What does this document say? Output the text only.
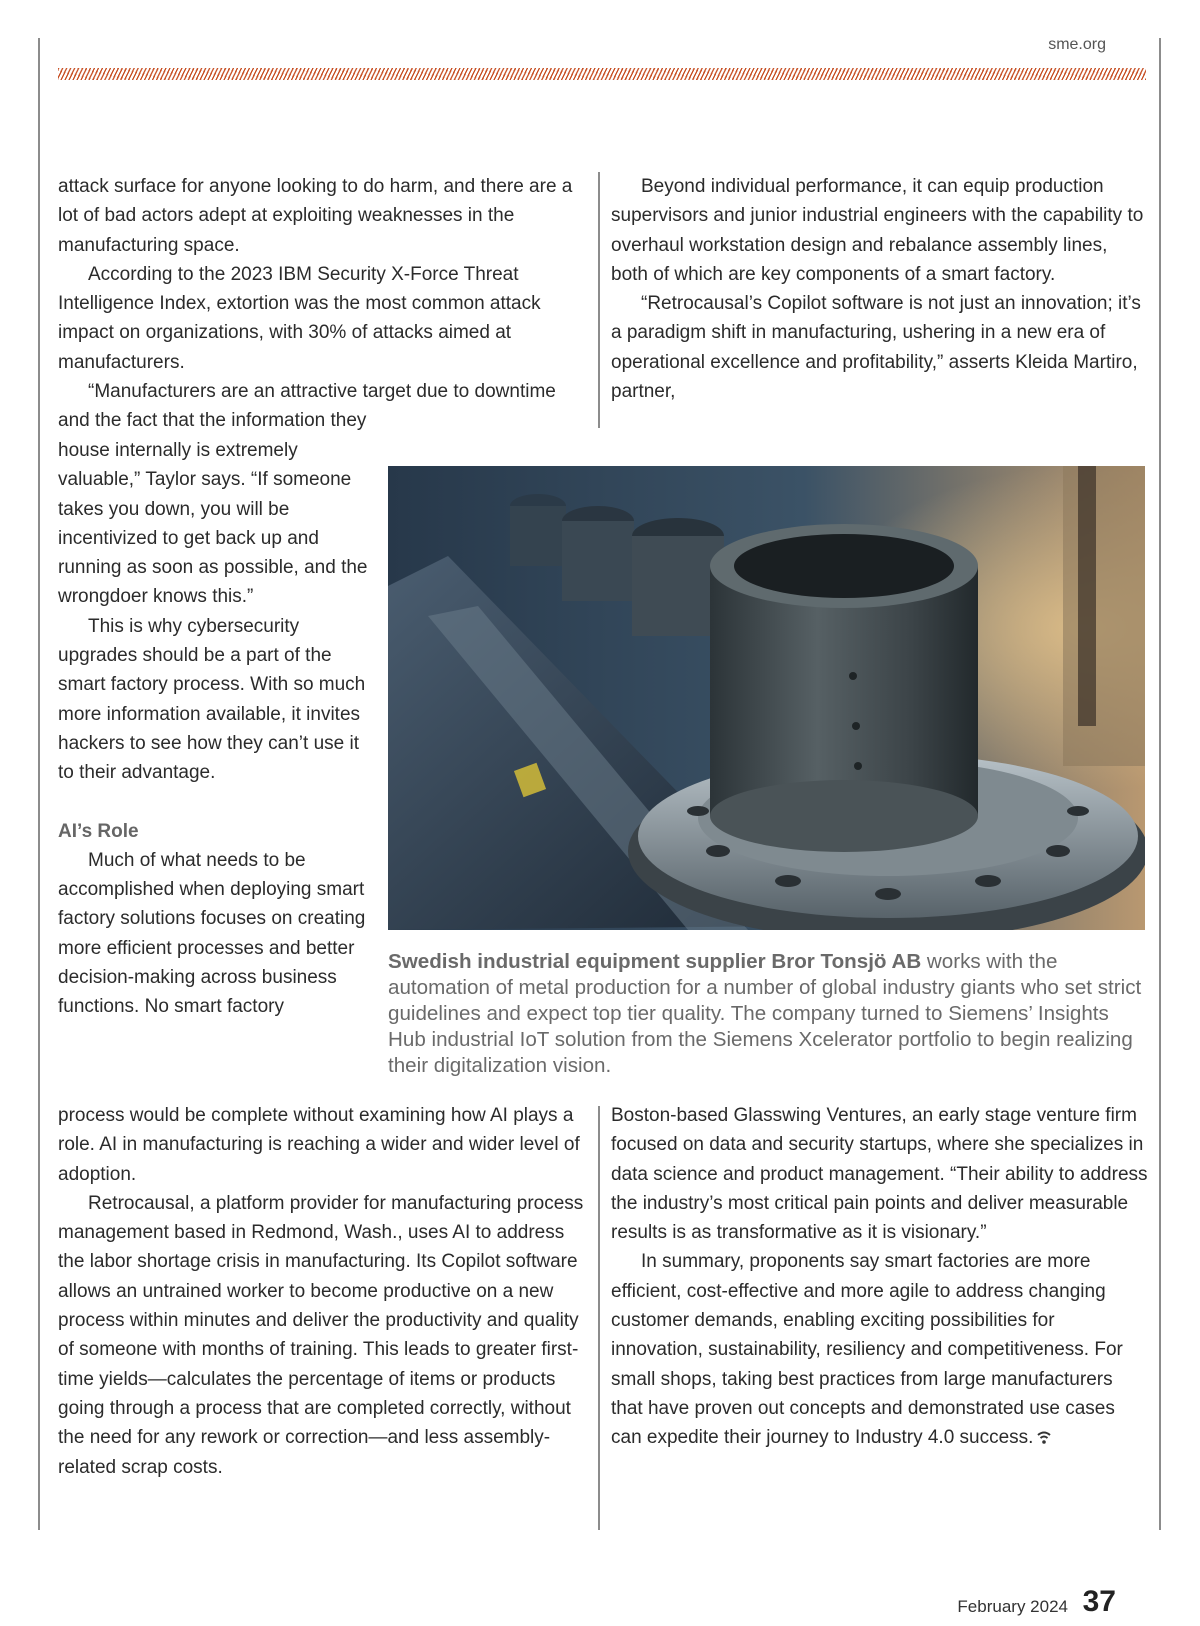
sme.org

attack surface for anyone looking to do harm, and there are a lot of bad actors adept at exploiting weaknesses in the manufacturing space.

According to the 2023 IBM Security X-Force Threat Intelligence Index, extortion was the most common attack impact on organizations, with 30% of attacks aimed at manufacturers.

“Manufacturers are an attractive target due to downtime and the fact that the information they

house internally is extremely valuable,” Taylor says. “If someone takes you down, you will be incentivized to get back up and running as soon as possible, and the wrongdoer knows this.”

This is why cybersecurity upgrades should be a part of the smart factory process. With so much more information available, it invites hackers to see how they can’t use it to their advantage.

AI’s Role

Much of what needs to be accomplished when deploying smart factory solutions focuses on creating more efficient processes and better decision-making across business functions. No smart factory

process would be complete without examining how AI plays a role. AI in manufacturing is reaching a wider and wider level of adoption.

Retrocausal, a platform provider for manufacturing process management based in Redmond, Wash., uses AI to address the labor shortage crisis in manufacturing. Its Copilot software allows an untrained worker to become productive on a new process within minutes and deliver the productivity and quality of someone with months of training. This leads to greater first-time yields—calculates the percentage of items or products going through a process that are completed correctly, without the need for any rework or correction—and less assembly-related scrap costs.

Beyond individual performance, it can equip production supervisors and junior industrial engineers with the capability to overhaul workstation design and rebalance assembly lines, both of which are key components of a smart factory.

“Retrocausal’s Copilot software is not just an innovation; it’s a paradigm shift in manufacturing, ushering in a new era of operational excellence and profitability,” asserts Kleida Martiro, partner,

Boston-based Glasswing Ventures, an early stage venture firm focused on data and security startups, where she specializes in data science and product management. “Their ability to address the industry’s most critical pain points and deliver measurable results is as transformative as it is visionary.”

In summary, proponents say smart factories are more efficient, cost-effective and more agile to address changing customer demands, enabling exciting possibilities for innovation, sustainability, resiliency and competitiveness. For small shops, taking best practices from large manufacturers that have proven out concepts and demonstrated use cases can expedite their journey to Industry 4.0 success.

Swedish industrial equipment supplier Bror Tonsjö AB works with the automation of metal production for a number of global industry giants who set strict guidelines and expect top tier quality. The company turned to Siemens’ Insights Hub industrial IoT solution from the Siemens Xcelerator portfolio to begin realizing their digitalization vision.
February 2024 37
